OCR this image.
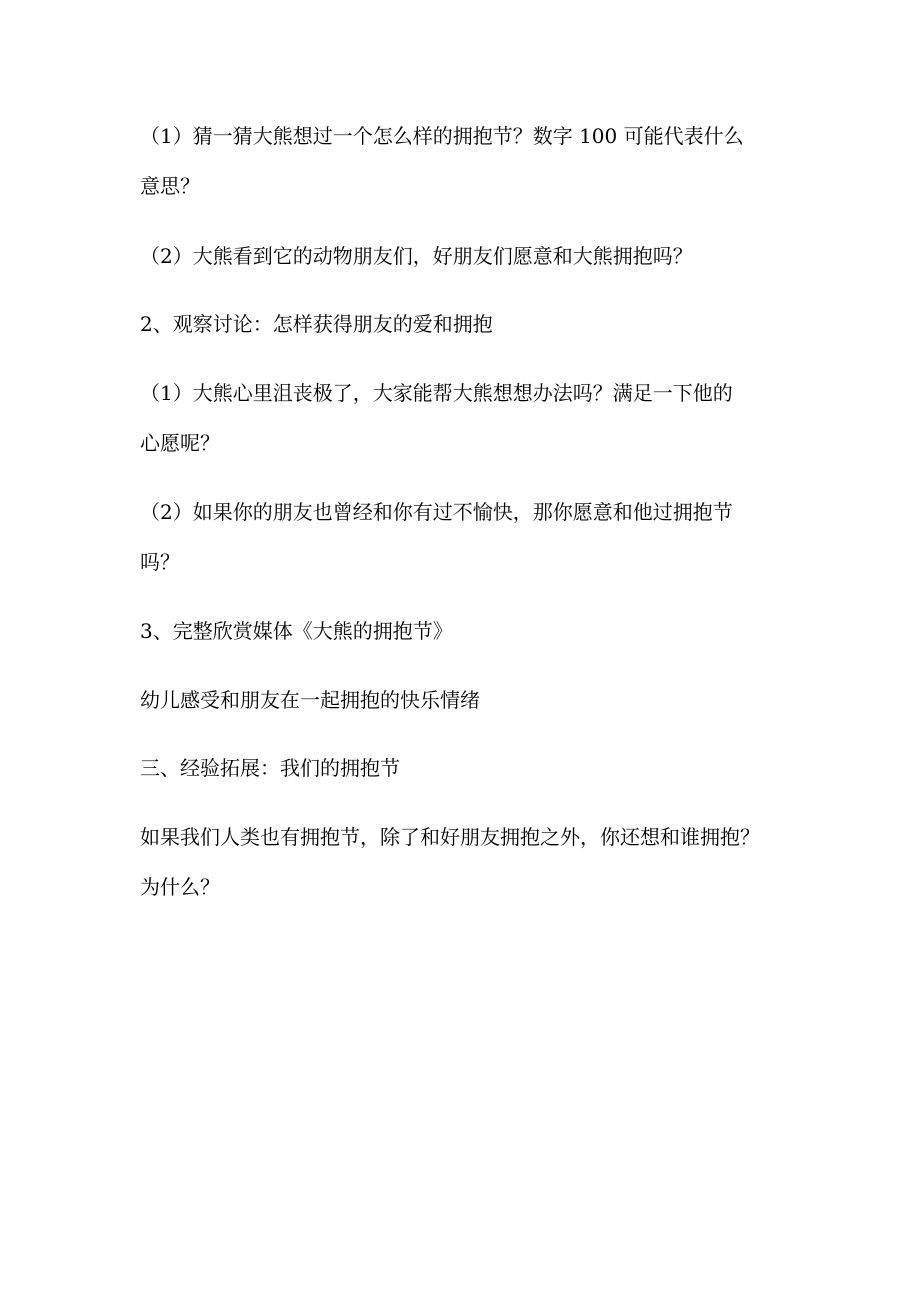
（1）猜一猜大熊想过一个怎么样的拥抱节？数字 100 可能代表什么
意思？

（2）大熊看到它的动物朋友们，好朋友们愿意和大熊拥抱吗？

2、观察讨论：怎样获得朋友的爱和拥抱

（1）大熊心里沮丧极了，大家能帮大熊想想办法吗？满足一下他的
心愿呢？

（2）如果你的朋友也曾经和你有过不愉快，那你愿意和他过拥抱节
吗？

3、完整欣赏媒体《大熊的拥抱节》

幼儿感受和朋友在一起拥抱的快乐情绪

三、经验拓展：我们的拥抱节

如果我们人类也有拥抱节，除了和好朋友拥抱之外，你还想和谁拥抱？
为什么？
